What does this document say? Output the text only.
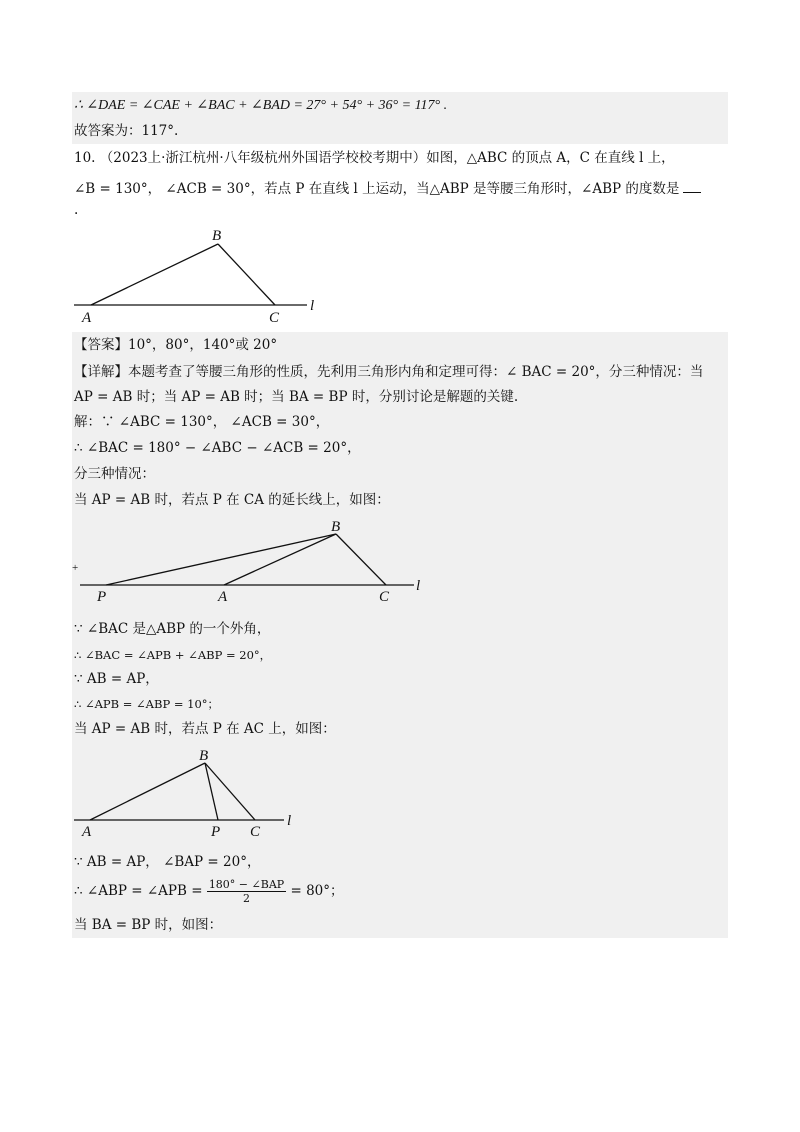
∴ ∠DAE = ∠CAE + ∠BAC + ∠BAD = 27° + 54° + 36° = 117° .
故答案为：117°.
10. （2023上·浙江杭州·八年级杭州外国语学校校考期中）如图，△ABC 的顶点 A，C 在直线 l 上，
∠B = 130°， ∠ACB = 30°，若点 P 在直线 l 上运动，当△ABP 是等腰三角形时，∠ABP 的度数是
.
B
A	C
l
【答案】10°，80°，140°或 20°
【详解】本题考查了等腰三角形的性质，先利用三角形内角和定理可得：∠ BAC = 20°，分三种情况：当
AP = AB 时；当 AP = AB 时；当 BA = BP 时，分别讨论是解题的关键.
解：∵ ∠ABC = 130°， ∠ACB = 30°，
∴ ∠BAC = 180° − ∠ABC − ∠ACB = 20°，
分三种情况：
当 AP = AB 时，若点 P 在 CA 的延长线上，如图：
B
P	A	C
l
+
∵ ∠BAC 是△ABP 的一个外角，
∴ ∠BAC = ∠APB + ∠ABP = 20°，
∵ AB = AP，
∴ ∠APB = ∠ABP = 10°；
当 AP = AB 时，若点 P 在 AC 上，如图：
B
A	P C
l
∵ AB = AP， ∠BAP = 20°，
∴ ∠ABP = ∠APB = $\frac{\text{180° − ∠BAP}}{2} = 80^\circ$；
当 BA = BP 时，如图：
